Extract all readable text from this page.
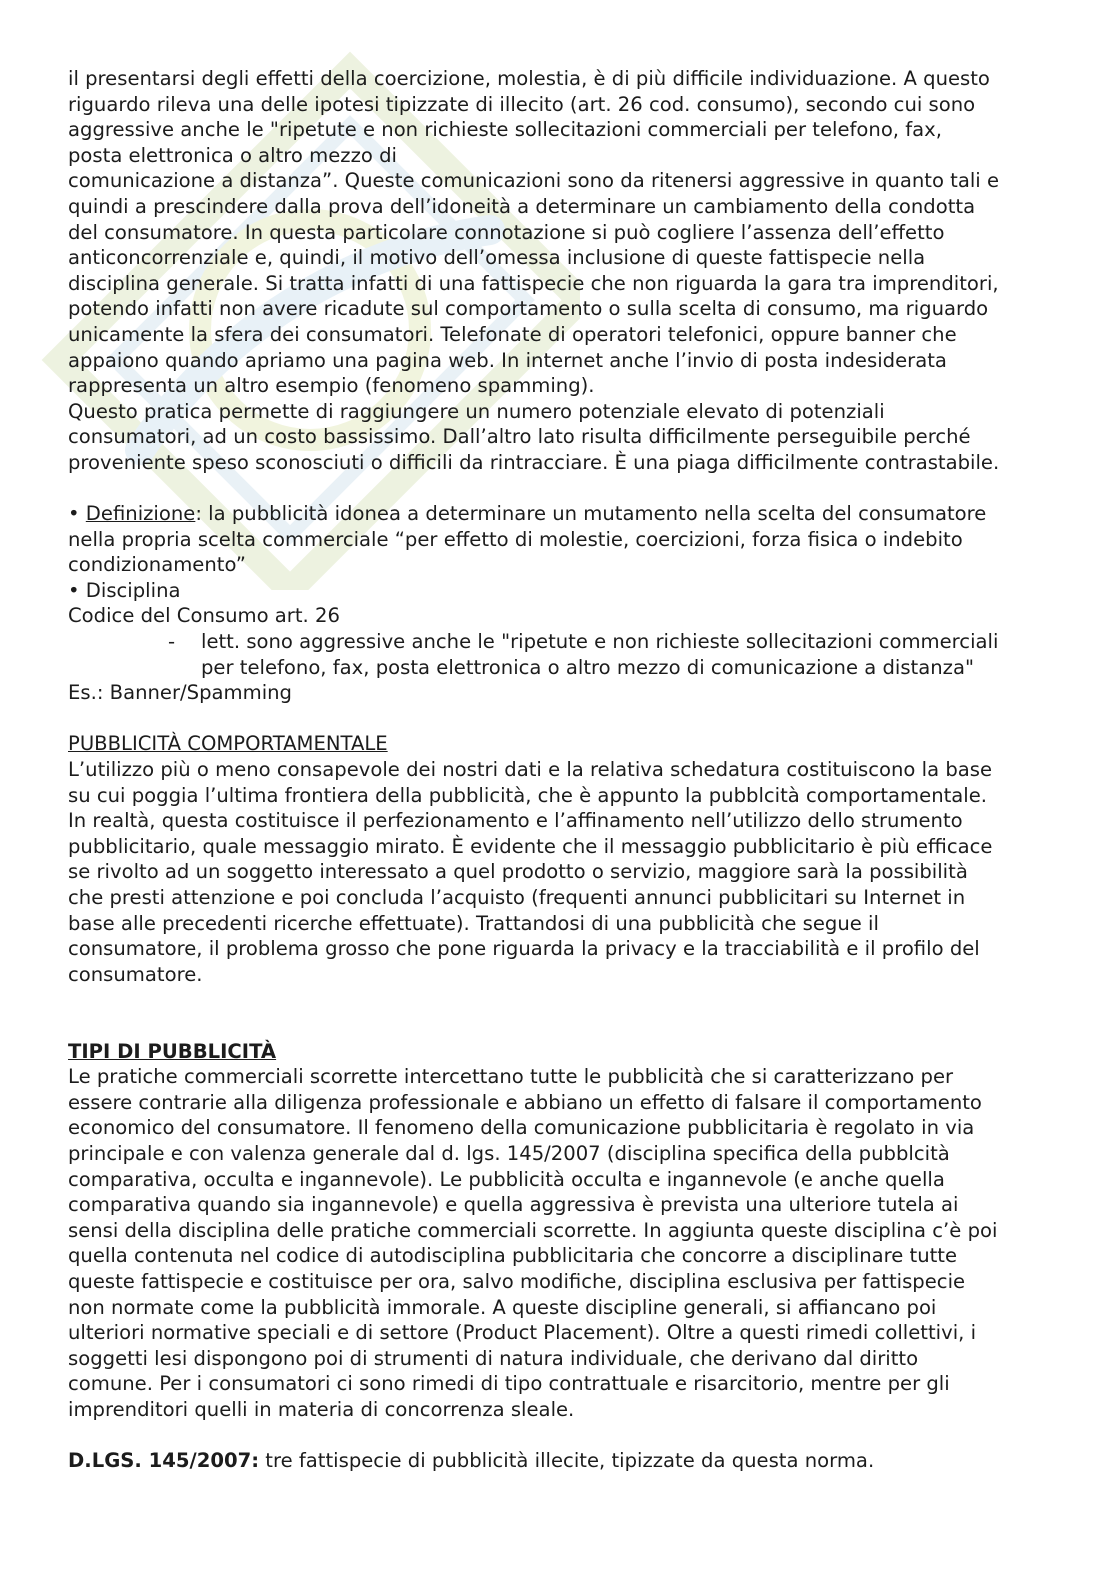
il presentarsi degli effetti della coercizione, molestia, è di più difficile individuazione. A questo

riguardo rileva una delle ipotesi tipizzate di illecito (art. 26 cod. consumo), secondo cui sono

aggressive anche le "ripetute e non richieste sollecitazioni commerciali per telefono, fax,

posta elettronica o altro mezzo di

comunicazione a distanza”. Queste comunicazioni sono da ritenersi aggressive in quanto tali e

quindi a prescindere dalla prova dell’idoneità a determinare un cambiamento della condotta

del consumatore. In questa particolare connotazione si può cogliere l’assenza dell’effetto

anticoncorrenziale e, quindi, il motivo dell’omessa inclusione di queste fattispecie nella

disciplina generale. Si tratta infatti di una fattispecie che non riguarda la gara tra imprenditori,

potendo infatti non avere ricadute sul comportamento o sulla scelta di consumo, ma riguardo

unicamente la sfera dei consumatori. Telefonate di operatori telefonici, oppure banner che

appaiono quando apriamo una pagina web. In internet anche l’invio di posta indesiderata

rappresenta un altro esempio (fenomeno spamming).

Questo pratica permette di raggiungere un numero potenziale elevato di potenziali

consumatori, ad un costo bassissimo. Dall’altro lato risulta difficilmente perseguibile perché

proveniente speso sconosciuti o difficili da rintracciare. È una piaga difficilmente contrastabile.

• Definizione: la pubblicità idonea a determinare un mutamento nella scelta del consumatore

nella propria scelta commerciale “per effetto di molestie, coercizioni, forza fisica o indebito

condizionamento”

• Disciplina

Codice del Consumo art. 26

- lett. sono aggressive anche le "ripetute e non richieste sollecitazioni commerciali

per telefono, fax, posta elettronica o altro mezzo di comunicazione a distanza"

Es.: Banner/Spamming

PUBBLICITÀ COMPORTAMENTALE

L’utilizzo più o meno consapevole dei nostri dati e la relativa schedatura costituiscono la base

su cui poggia l’ultima frontiera della pubblicità, che è appunto la pubblcità comportamentale.

In realtà, questa costituisce il perfezionamento e l’affinamento nell’utilizzo dello strumento

pubblicitario, quale messaggio mirato. È evidente che il messaggio pubblicitario è più efficace

se rivolto ad un soggetto interessato a quel prodotto o servizio, maggiore sarà la possibilità

che presti attenzione e poi concluda l’acquisto (frequenti annunci pubblicitari su Internet in

base alle precedenti ricerche effettuate). Trattandosi di una pubblicità che segue il

consumatore, il problema grosso che pone riguarda la privacy e la tracciabilità e il profilo del

consumatore.

TIPI DI PUBBLICITÀ

Le pratiche commerciali scorrette intercettano tutte le pubblicità che si caratterizzano per

essere contrarie alla diligenza professionale e abbiano un effetto di falsare il comportamento

economico del consumatore. Il fenomeno della comunicazione pubblicitaria è regolato in via

principale e con valenza generale dal d. lgs. 145/2007 (disciplina specifica della pubblcità

comparativa, occulta e ingannevole). Le pubblicità occulta e ingannevole (e anche quella

comparativa quando sia ingannevole) e quella aggressiva è prevista una ulteriore tutela ai

sensi della disciplina delle pratiche commerciali scorrette. In aggiunta queste disciplina c’è poi

quella contenuta nel codice di autodisciplina pubblicitaria che concorre a disciplinare tutte

queste fattispecie e costituisce per ora, salvo modifiche, disciplina esclusiva per fattispecie

non normate come la pubblicità immorale. A queste discipline generali, si affiancano poi

ulteriori normative speciali e di settore (Product Placement). Oltre a questi rimedi collettivi, i

soggetti lesi dispongono poi di strumenti di natura individuale, che derivano dal diritto

comune. Per i consumatori ci sono rimedi di tipo contrattuale e risarcitorio, mentre per gli

imprenditori quelli in materia di concorrenza sleale.

D.LGS. 145/2007: tre fattispecie di pubblicità illecite, tipizzate da questa norma.
